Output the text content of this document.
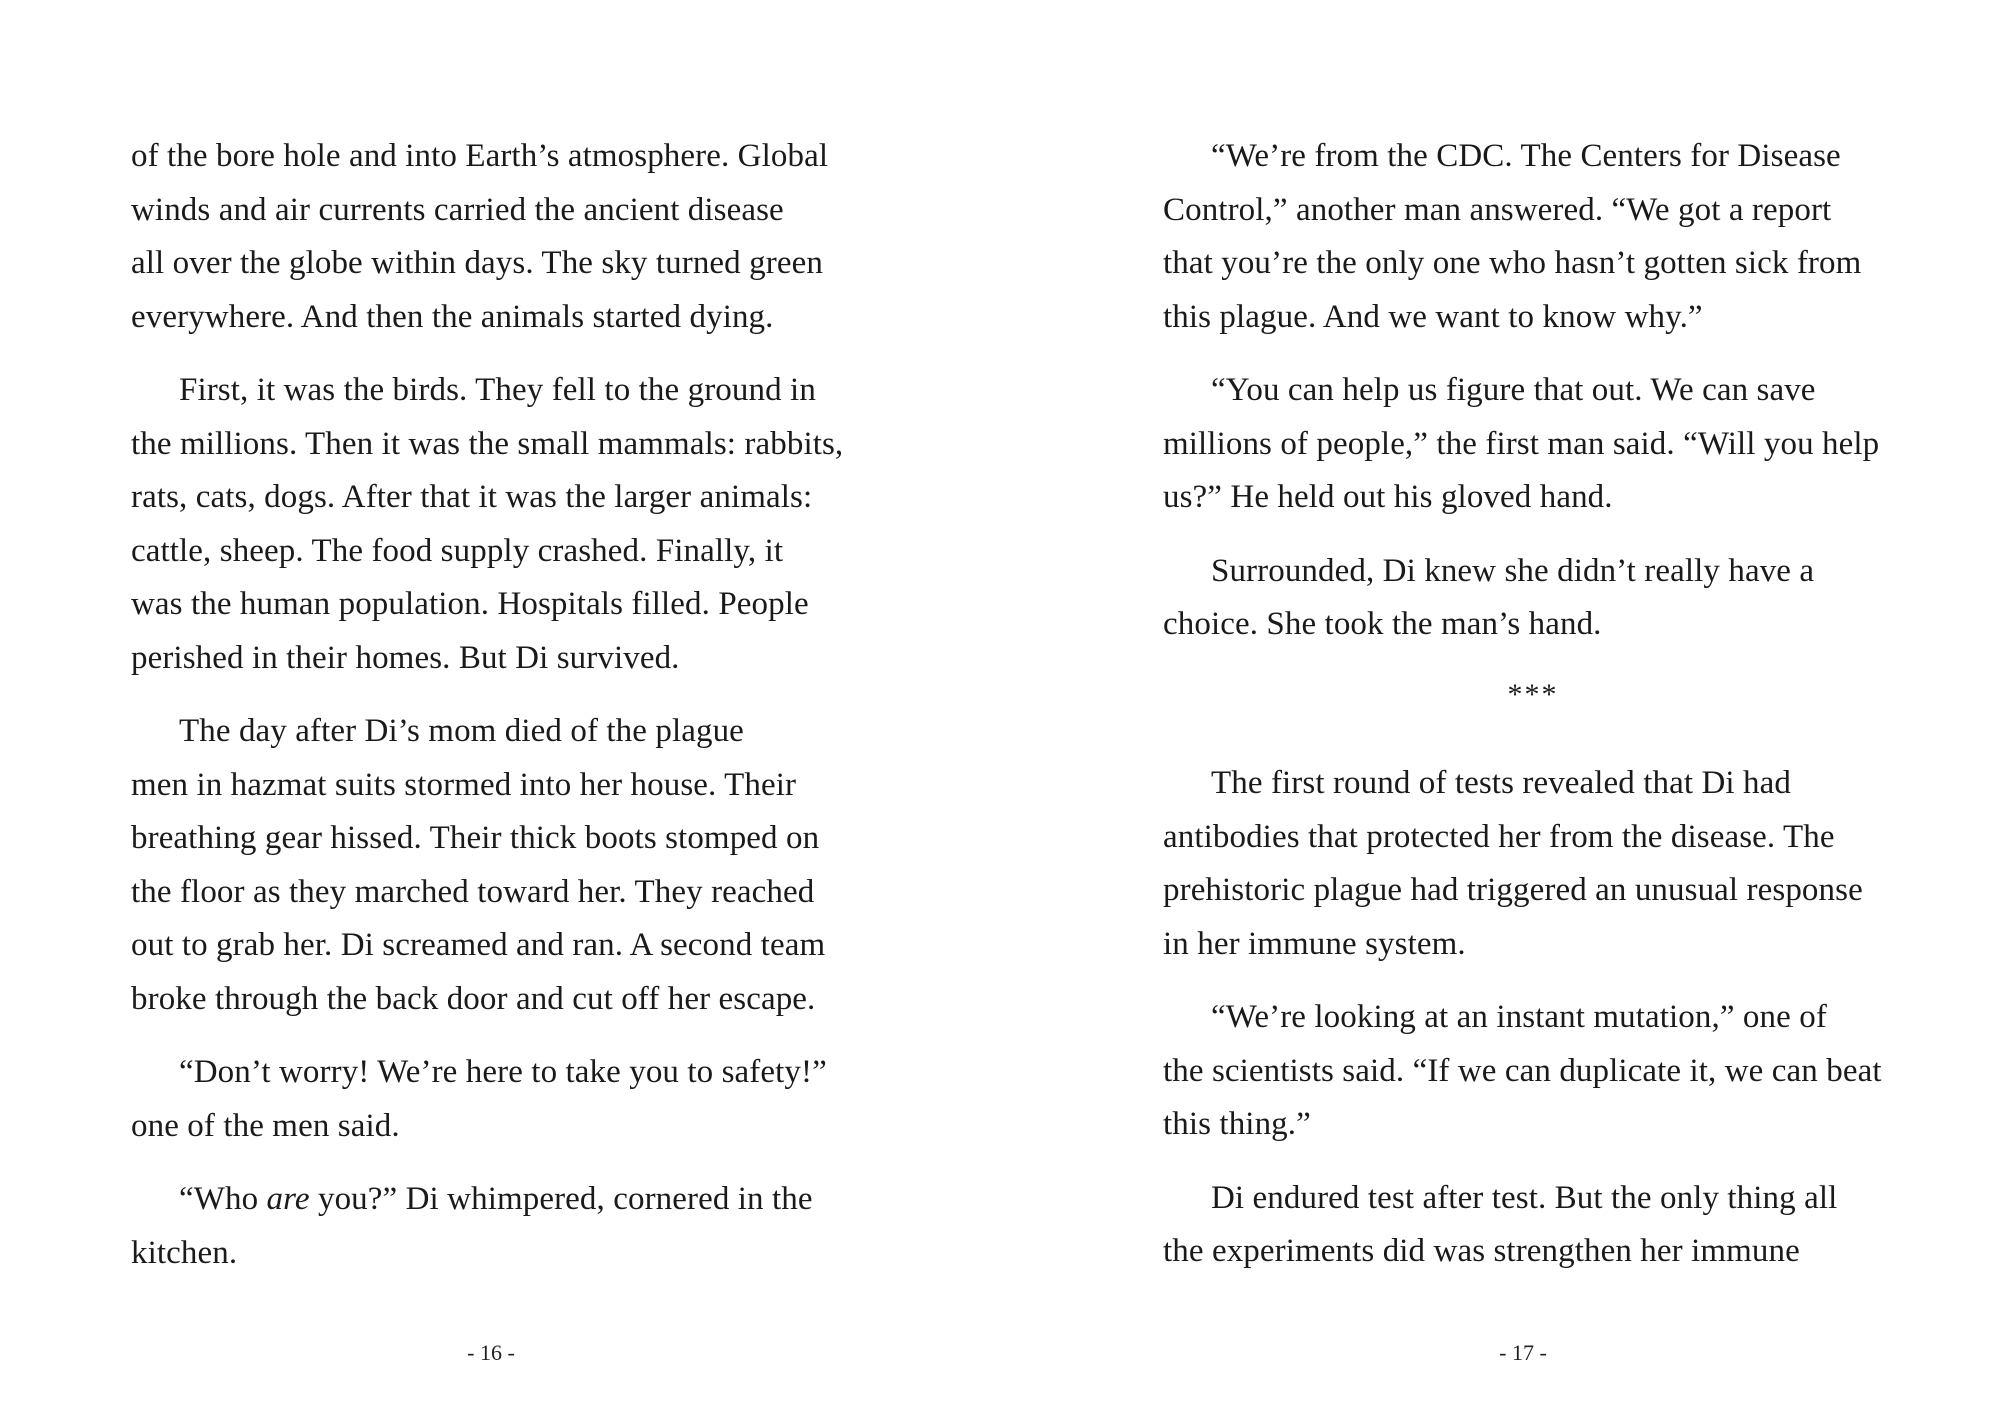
of the bore hole and into Earth’s atmosphere. Global
winds and air currents carried the ancient disease
all over the globe within days. The sky turned green
everywhere. And then the animals started dying.

First, it was the birds. They fell to the ground in
the millions. Then it was the small mammals: rabbits,
rats, cats, dogs. After that it was the larger animals:
cattle, sheep. The food supply crashed. Finally, it
was the human population. Hospitals filled. People
perished in their homes. But Di survived.

The day after Di’s mom died of the plague
men in hazmat suits stormed into her house. Their
breathing gear hissed. Their thick boots stomped on
the floor as they marched toward her. They reached
out to grab her. Di screamed and ran. A second team
broke through the back door and cut off her escape.

“Don’t worry! We’re here to take you to safety!”
one of the men said.

“Who are you?” Di whimpered, cornered in the
kitchen.

- 16 -

“We’re from the CDC. The Centers for Disease
Control,” another man answered. “We got a report
that you’re the only one who hasn’t gotten sick from
this plague. And we want to know why.”

“You can help us figure that out. We can save
millions of people,” the first man said. “Will you help
us?” He held out his gloved hand.

Surrounded, Di knew she didn’t really have a
choice. She took the man’s hand.

***

The first round of tests revealed that Di had
antibodies that protected her from the disease. The
prehistoric plague had triggered an unusual response
in her immune system.

“We’re looking at an instant mutation,” one of
the scientists said. “If we can duplicate it, we can beat
this thing.”

Di endured test after test. But the only thing all
the experiments did was strengthen her immune

- 17 -
